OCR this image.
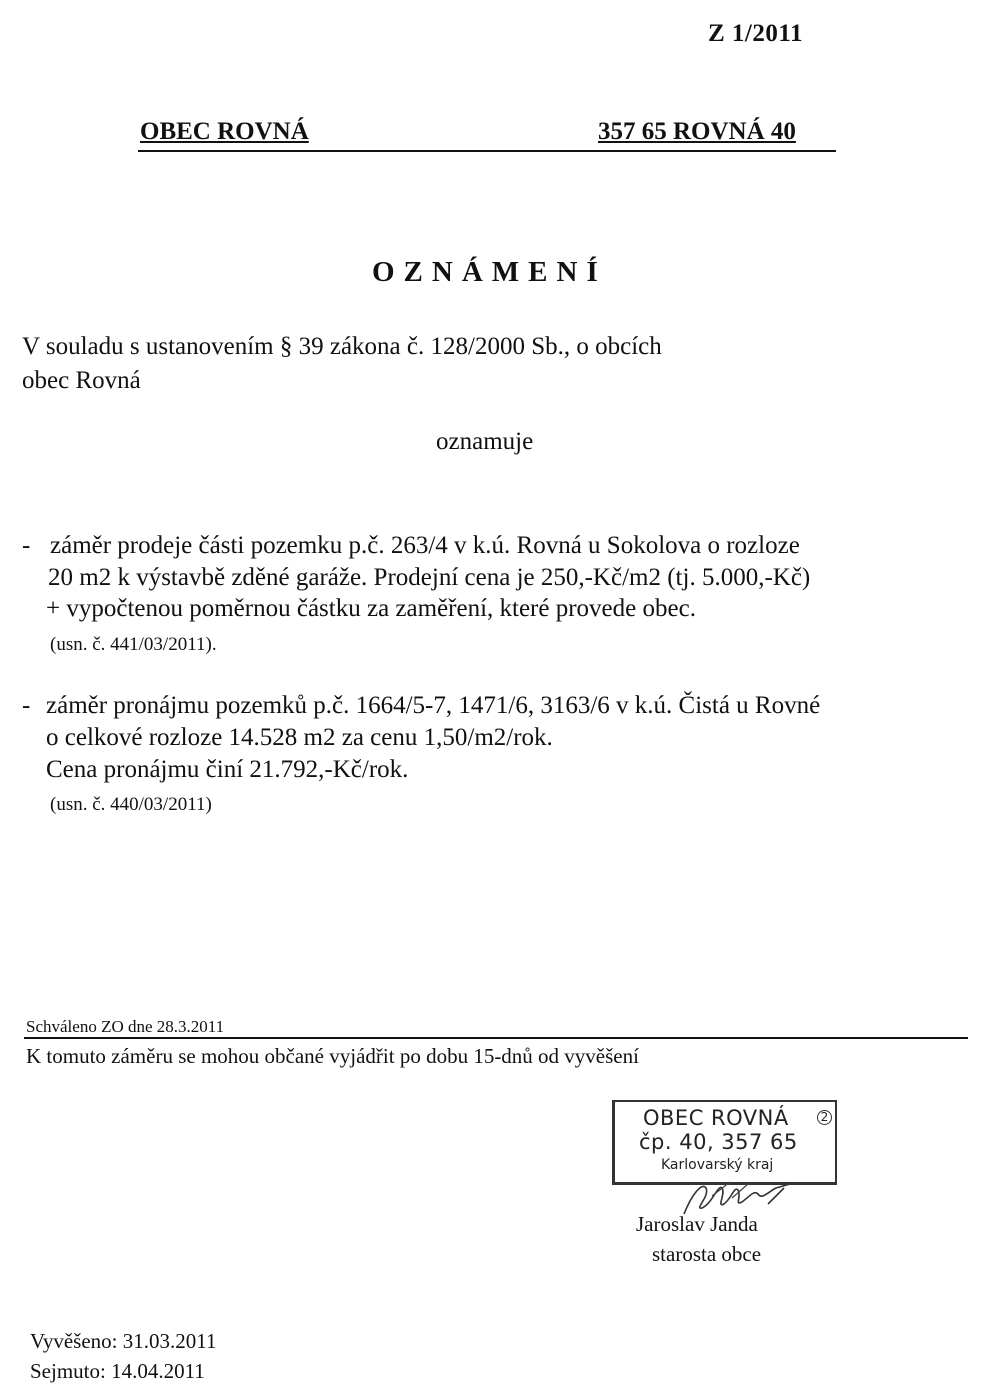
Z 1/2011
OBEC ROVNÁ	357 65 ROVNÁ 40
OZNÁMENÍ
V souladu s ustanovením § 39 zákona č. 128/2000 Sb., o obcích
obec Rovná
oznamuje
- záměr prodeje části pozemku p.č. 263/4 v k.ú. Rovná u Sokolova o rozloze
20 m2 k výstavbě zděné garáže. Prodejní cena je 250,-Kč/m2 (tj. 5.000,-Kč)
+ vypočtenou poměrnou částku za zaměření, které provede obec.
(usn. č. 441/03/2011).
- záměr pronájmu pozemků p.č. 1664/5-7, 1471/6, 3163/6 v k.ú. Čistá u Rovné
o celkové rozloze 14.528 m2 za cenu 1,50/m2/rok.
Cena pronájmu činí 21.792,-Kč/rok.
(usn. č. 440/03/2011)
Schváleno ZO dne 28.3.2011
K tomuto záměru se mohou občané vyjádřit po dobu 15-dnů od vyvěšení
OBEC ROVNÁ	2
čp. 40, 357 65
Karlovarský kraj
Jaroslav Janda
starosta obce
Vyvěšeno: 31.03.2011
Sejmuto: 14.04.2011
